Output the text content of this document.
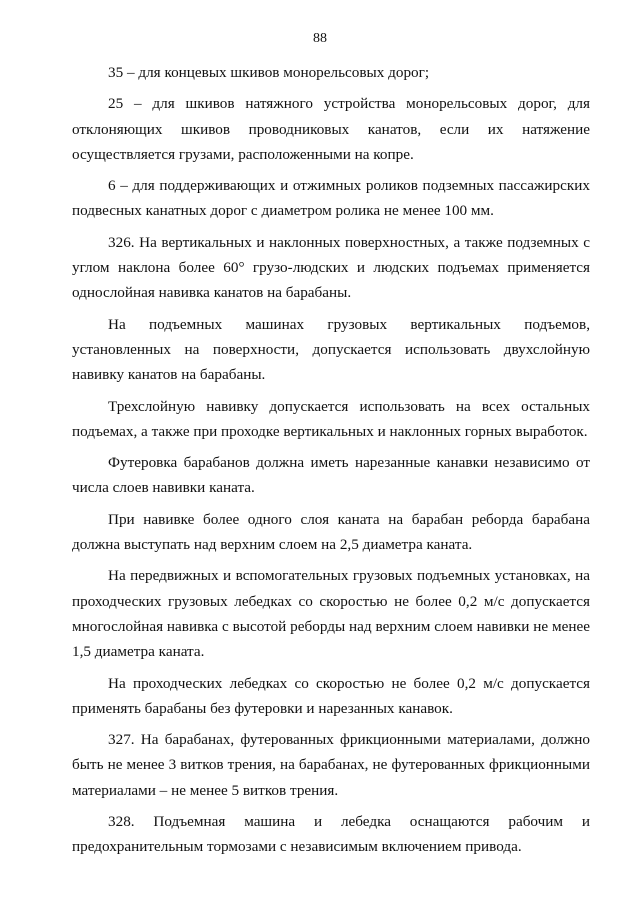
88

35 – для концевых шкивов монорельсовых дорог;

25 – для шкивов натяжного устройства монорельсовых дорог, для
отклоняющих шкивов проводниковых канатов, если их натяжение
осуществляется грузами, расположенными на копре.

6 – для поддерживающих и отжимных роликов подземных пассажирских
подвесных канатных дорог с диаметром ролика не менее 100 мм.

326. На вертикальных и наклонных поверхностных, а также подземных с
углом наклона более 60° грузо-людских и людских подъемах применяется
однослойная навивка канатов на барабаны.

На подъемных машинах грузовых вертикальных подъемов,
установленных на поверхности, допускается использовать двухслойную
навивку канатов на барабаны.

Трехслойную навивку допускается использовать на всех остальных
подъемах, а также при проходке вертикальных и наклонных горных выработок.

Футеровка барабанов должна иметь нарезанные канавки независимо от
числа слоев навивки каната.

При навивке более одного слоя каната на барабан реборда барабана
должна выступать над верхним слоем на 2,5 диаметра каната.

На передвижных и вспомогательных грузовых подъемных установках, на
проходческих грузовых лебедках со скоростью не более 0,2 м/с допускается
многослойная навивка с высотой реборды над верхним слоем навивки не менее
1,5 диаметра каната.

На проходческих лебедках со скоростью не более 0,2 м/с допускается
применять барабаны без футеровки и нарезанных канавок.

327. На барабанах, футерованных фрикционными материалами, должно
быть не менее 3 витков трения, на барабанах, не футерованных фрикционными
материалами – не менее 5 витков трения.

328. Подъемная машина и лебедка оснащаются рабочим и
предохранительным тормозами с независимым включением привода.
